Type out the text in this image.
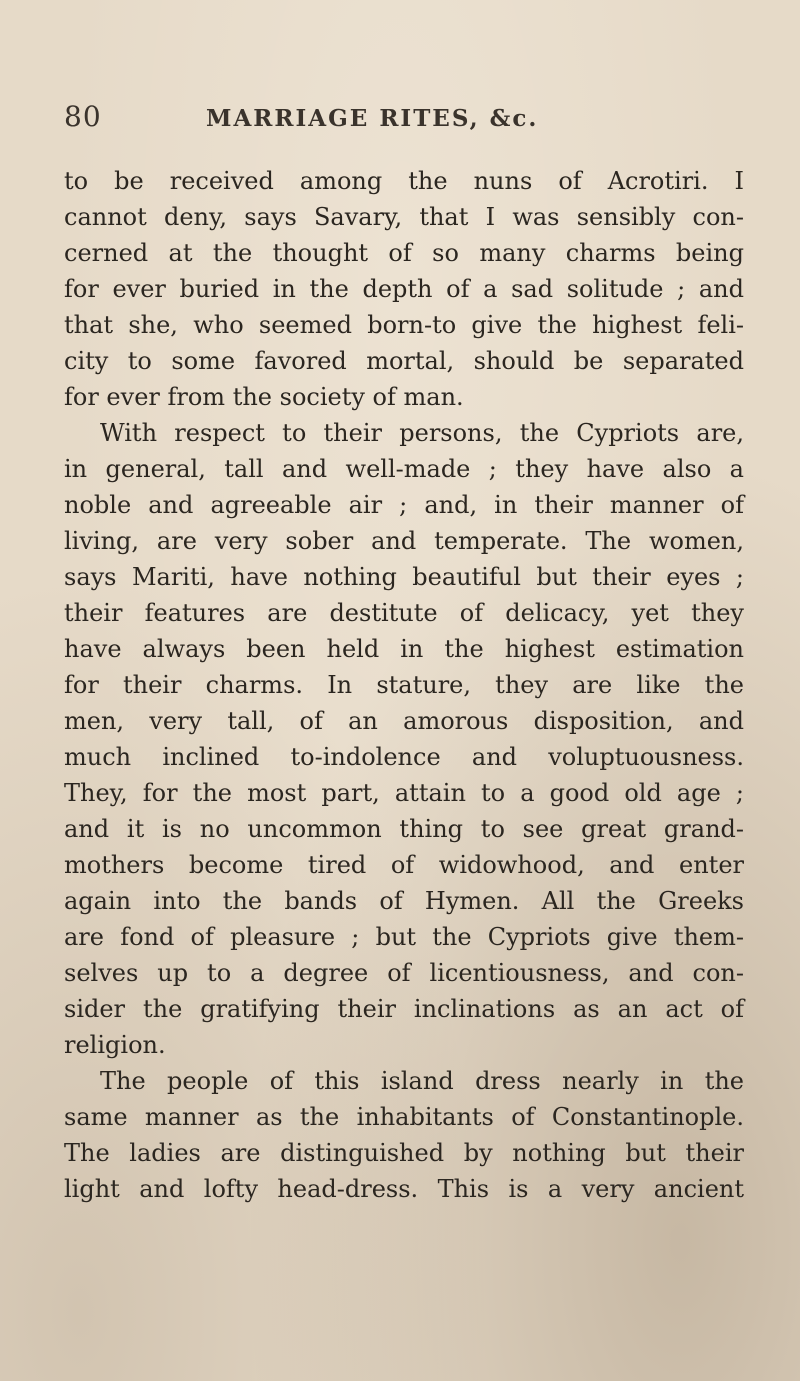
80	MARRIAGE RITES, &c.
to be received among the nuns of Acrotiri. I
cannot deny, says Savary, that I was sensibly con-
cerned at the thought of so many charms being
for ever buried in the depth of a sad solitude ; and
that she, who seemed born-to give the highest feli-
city to some favored mortal, should be separated
for ever from the society of man.
With respect to their persons, the Cypriots are,
in general, tall and well-made ; they have also a
noble and agreeable air ; and, in their manner of
living, are very sober and temperate. The women,
says Mariti, have nothing beautiful but their eyes ;
their features are destitute of delicacy, yet they
have always been held in the highest estimation
for their charms. In stature, they are like the
men, very tall, of an amorous disposition, and
much inclined to-indolence and voluptuousness.
They, for the most part, attain to a good old age ;
and it is no uncommon thing to see great grand-
mothers become tired of widowhood, and enter
again into the bands of Hymen. All the Greeks
are fond of pleasure ; but the Cypriots give them-
selves up to a degree of licentiousness, and con-
sider the gratifying their inclinations as an act of
religion.
The people of this island dress nearly in the
same manner as the inhabitants of Constantinople.
The ladies are distinguished by nothing but their
light and lofty head-dress. This is a very ancient
